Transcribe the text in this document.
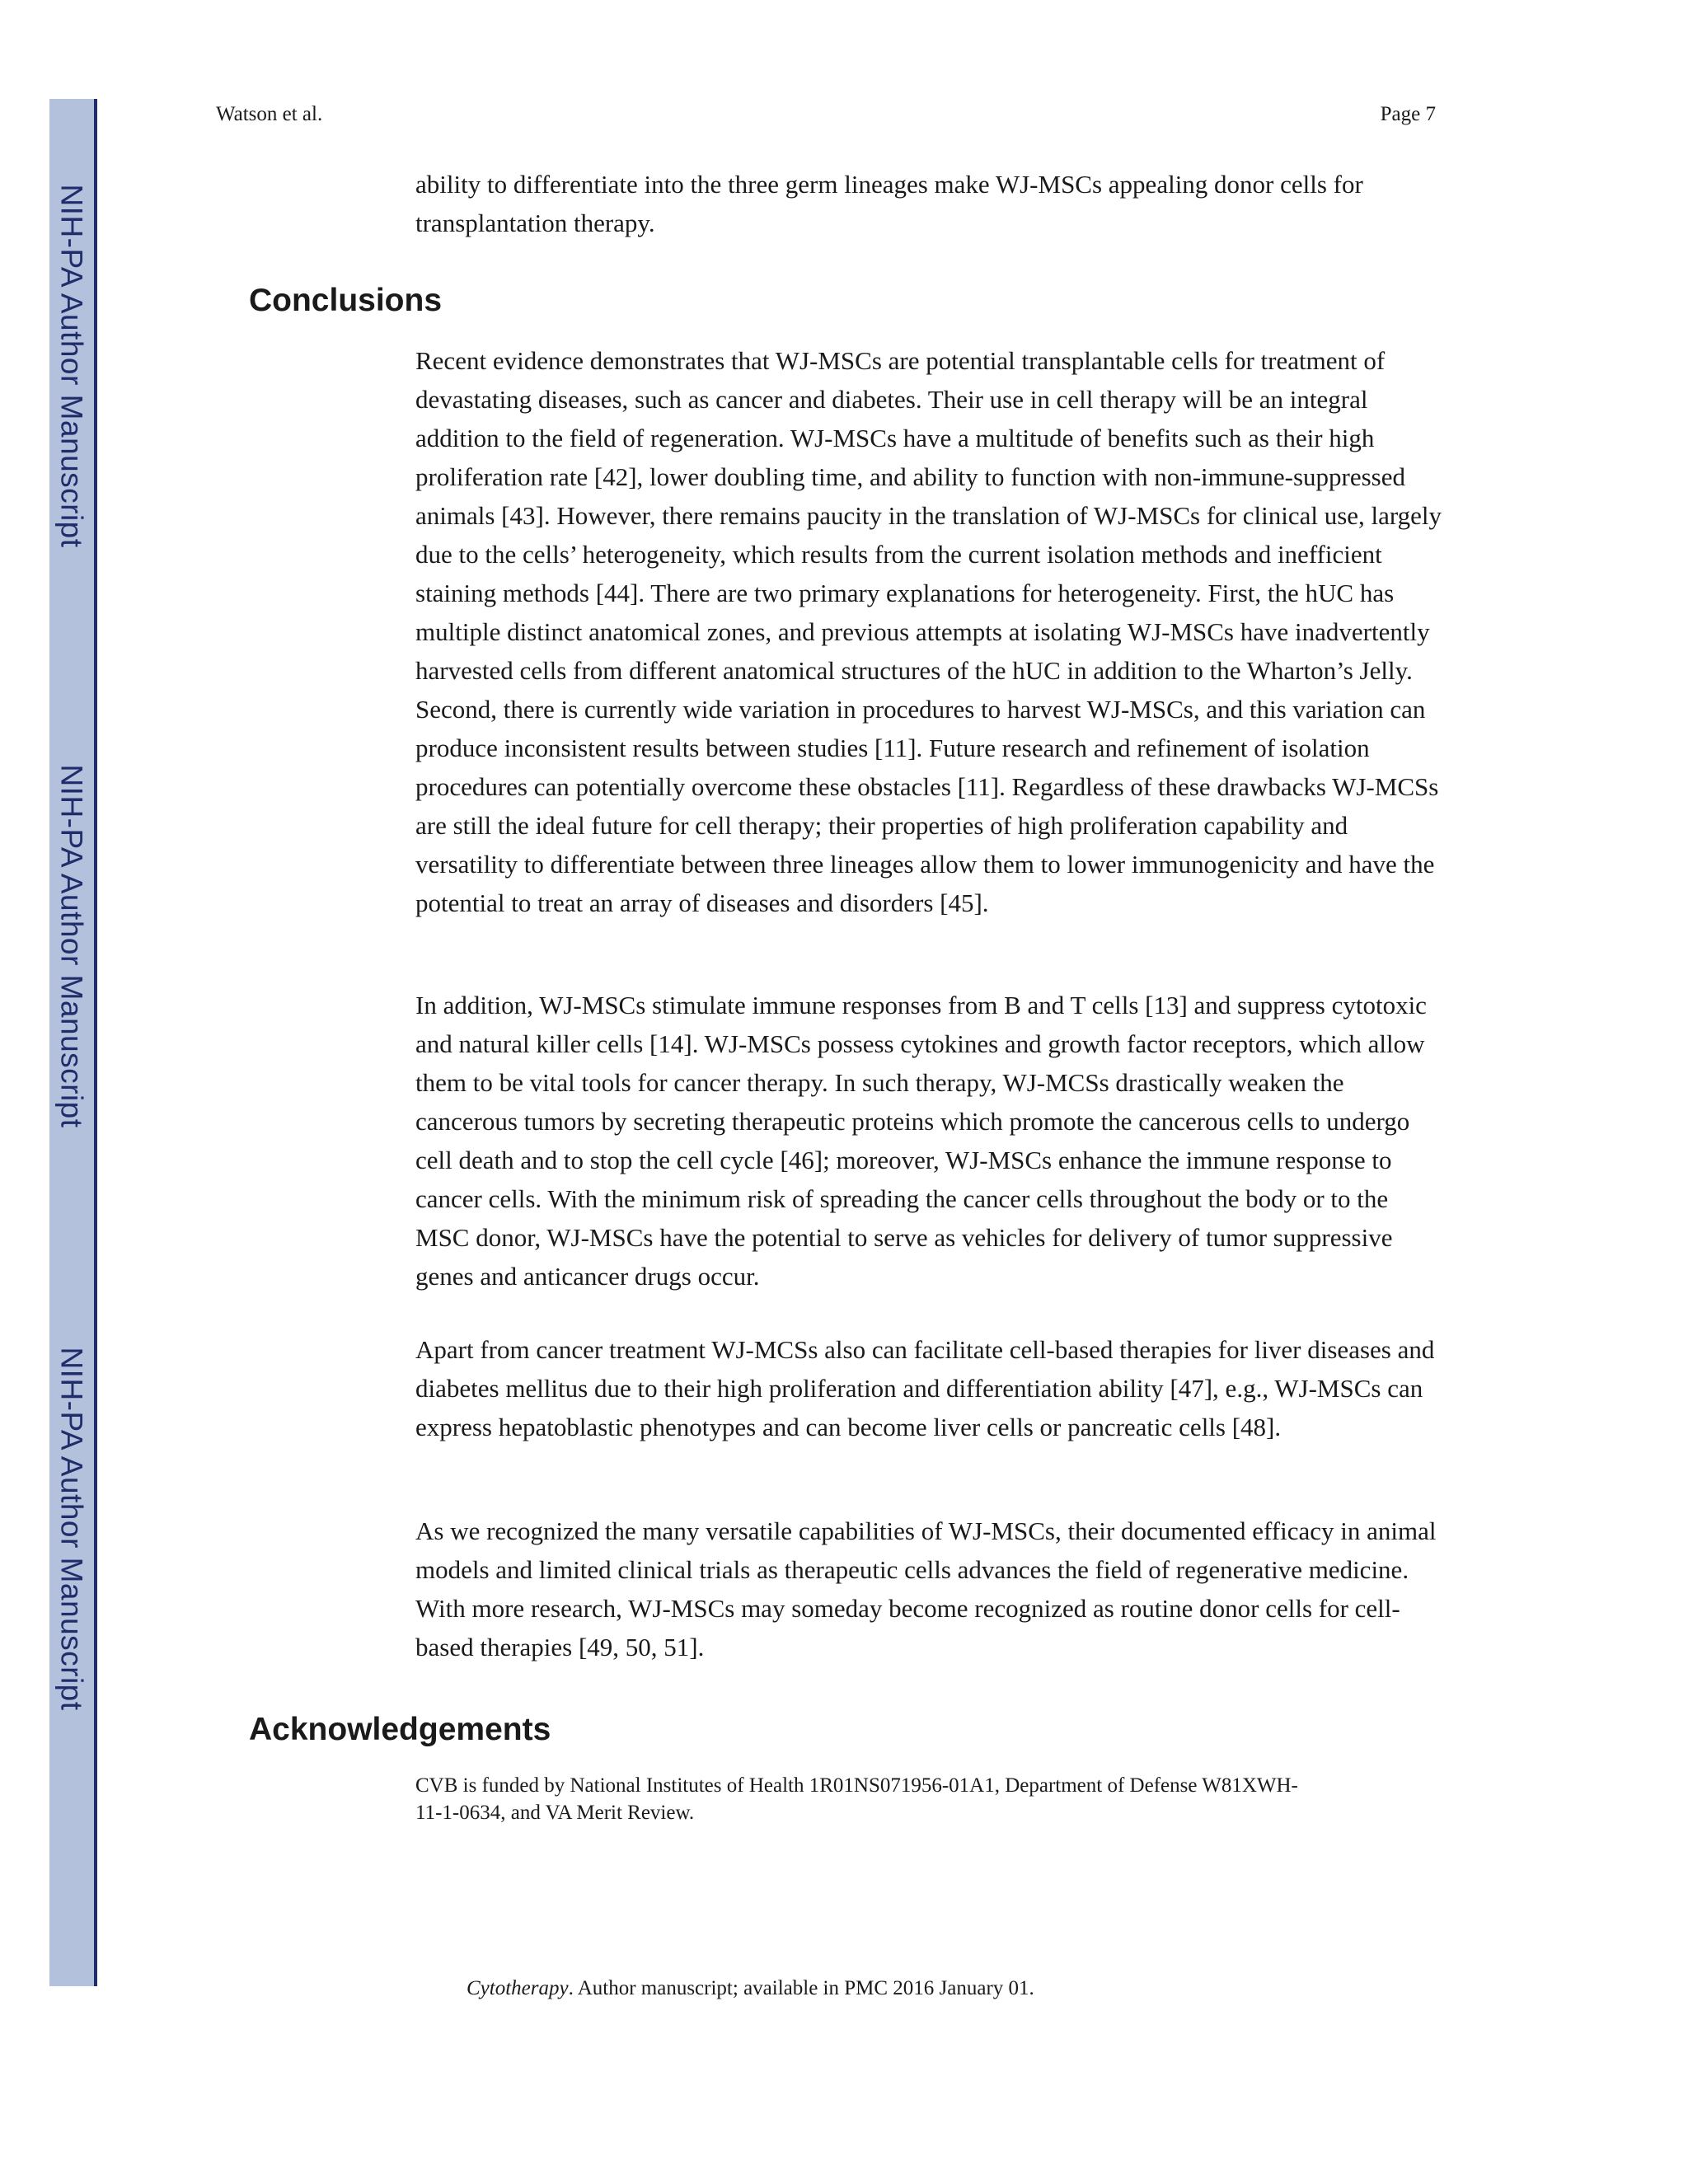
NIH-PA Author Manuscript
NIH-PA Author Manuscript
NIH-PA Author Manuscript
Watson et al.	Page 7

ability to differentiate into the three germ lineages make WJ-MSCs appealing donor cells for transplantation therapy.

Conclusions

Recent evidence demonstrates that WJ-MSCs are potential transplantable cells for treatment of devastating diseases, such as cancer and diabetes. Their use in cell therapy will be an integral addition to the field of regeneration. WJ-MSCs have a multitude of benefits such as their high proliferation rate [42], lower doubling time, and ability to function with non-immune-suppressed animals [43]. However, there remains paucity in the translation of WJ-MSCs for clinical use, largely due to the cells’ heterogeneity, which results from the current isolation methods and inefficient staining methods [44]. There are two primary explanations for heterogeneity. First, the hUC has multiple distinct anatomical zones, and previous attempts at isolating WJ-MSCs have inadvertently harvested cells from different anatomical structures of the hUC in addition to the Wharton’s Jelly. Second, there is currently wide variation in procedures to harvest WJ-MSCs, and this variation can produce inconsistent results between studies [11]. Future research and refinement of isolation procedures can potentially overcome these obstacles [11]. Regardless of these drawbacks WJ-MCSs are still the ideal future for cell therapy; their properties of high proliferation capability and versatility to differentiate between three lineages allow them to lower immunogenicity and have the potential to treat an array of diseases and disorders [45].

In addition, WJ-MSCs stimulate immune responses from B and T cells [13] and suppress cytotoxic and natural killer cells [14]. WJ-MSCs possess cytokines and growth factor receptors, which allow them to be vital tools for cancer therapy. In such therapy, WJ-MCSs drastically weaken the cancerous tumors by secreting therapeutic proteins which promote the cancerous cells to undergo cell death and to stop the cell cycle [46]; moreover, WJ-MSCs enhance the immune response to cancer cells. With the minimum risk of spreading the cancer cells throughout the body or to the MSC donor, WJ-MSCs have the potential to serve as vehicles for delivery of tumor suppressive genes and anticancer drugs occur.

Apart from cancer treatment WJ-MCSs also can facilitate cell-based therapies for liver diseases and diabetes mellitus due to their high proliferation and differentiation ability [47], e.g., WJ-MSCs can express hepatoblastic phenotypes and can become liver cells or pancreatic cells [48].

As we recognized the many versatile capabilities of WJ-MSCs, their documented efficacy in animal models and limited clinical trials as therapeutic cells advances the field of regenerative medicine. With more research, WJ-MSCs may someday become recognized as routine donor cells for cell-based therapies [49, 50, 51].

Acknowledgements

CVB is funded by National Institutes of Health 1R01NS071956-01A1, Department of Defense W81XWH-11-1-0634, and VA Merit Review.

Cytotherapy. Author manuscript; available in PMC 2016 January 01.
